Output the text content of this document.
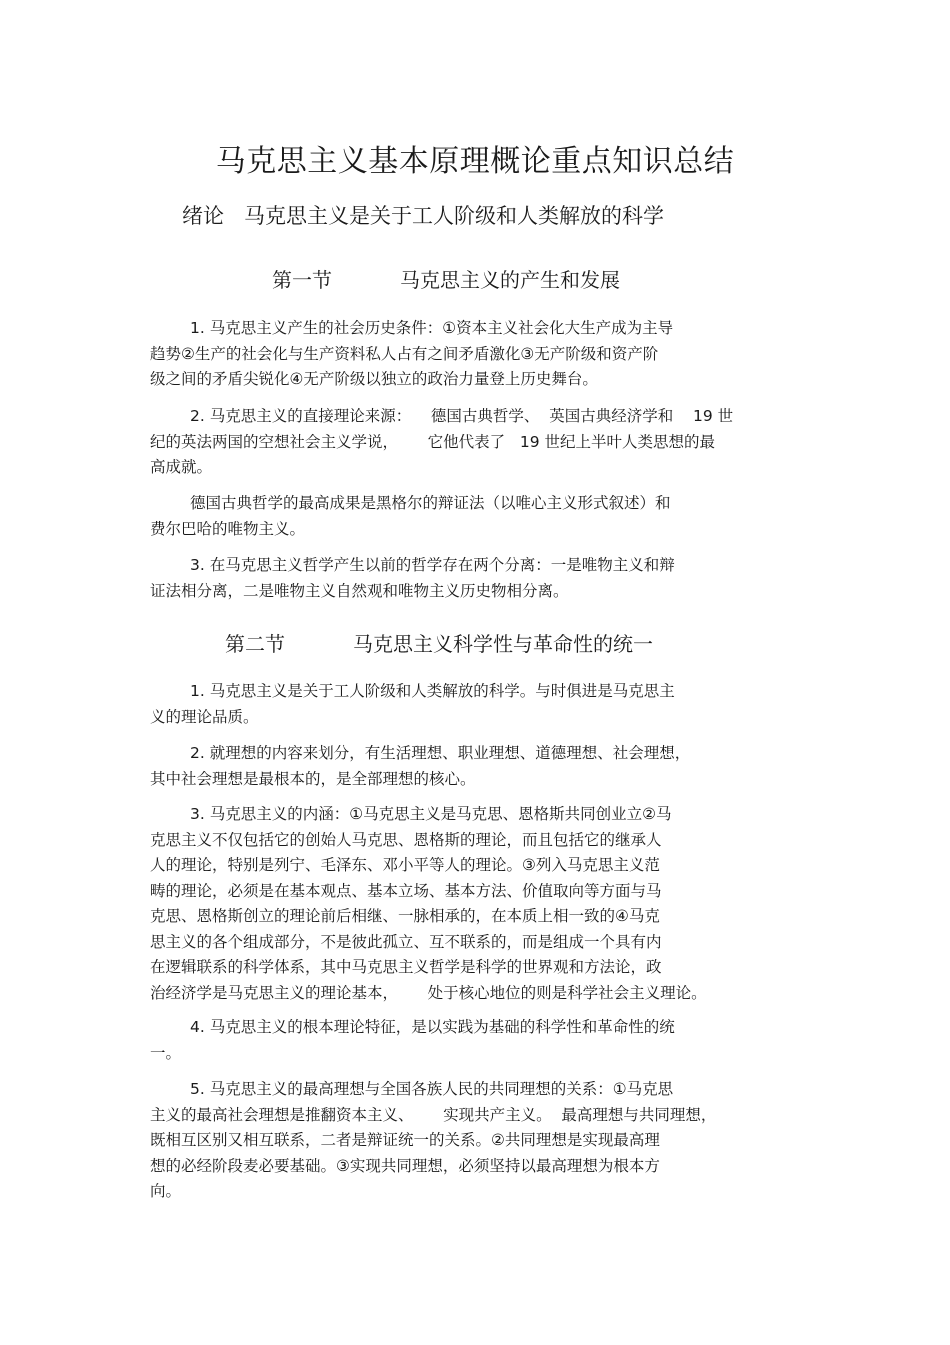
马克思主义基本原理概论重点知识总结
绪论   马克思主义是关于工人阶级和人类解放的科学
第一节	马克思主义的产生和发展
1. 马克思主义产生的社会历史条件：①资本主义社会化大生产成为主导
趋势②生产的社会化与生产资料私人占有之间矛盾激化③无产阶级和资产阶
级之间的矛盾尖锐化④无产阶级以独立的政治力量登上历史舞台。
2. 马克思主义的直接理论来源：    德国古典哲学、  英国古典经济学和    19 世
纪的英法两国的空想社会主义学说，      它他代表了   19 世纪上半叶人类思想的最
高成就。
德国古典哲学的最高成果是黑格尔的辩证法（以唯心主义形式叙述）和
费尔巴哈的唯物主义。
3. 在马克思主义哲学产生以前的哲学存在两个分离：一是唯物主义和辩
证法相分离，二是唯物主义自然观和唯物主义历史物相分离。
第二节	马克思主义科学性与革命性的统一
1. 马克思主义是关于工人阶级和人类解放的科学。与时俱进是马克思主
义的理论品质。
2. 就理想的内容来划分，有生活理想、职业理想、道德理想、社会理想，
其中社会理想是最根本的，是全部理想的核心。
3. 马克思主义的内涵：①马克思主义是马克思、恩格斯共同创业立②马
克思主义不仅包括它的创始人马克思、恩格斯的理论，而且包括它的继承人
人的理论，特别是列宁、毛泽东、邓小平等人的理论。③列入马克思主义范
畴的理论，必须是在基本观点、基本立场、基本方法、价值取向等方面与马
克思、恩格斯创立的理论前后相继、一脉相承的，在本质上相一致的④马克
思主义的各个组成部分，不是彼此孤立、互不联系的，而是组成一个具有内
在逻辑联系的科学体系，其中马克思主义哲学是科学的世界观和方法论，政
治经济学是马克思主义的理论基本，      处于核心地位的则是科学社会主义理论。
4. 马克思主义的根本理论特征，是以实践为基础的科学性和革命性的统
一。
5. 马克思主义的最高理想与全国各族人民的共同理想的关系：①马克思
主义的最高社会理想是推翻资本主义、      实现共产主义。  最高理想与共同理想，
既相互区别又相互联系，二者是辩证统一的关系。②共同理想是实现最高理
想的必经阶段麦必要基础。③实现共同理想，必须坚持以最高理想为根本方
向。
